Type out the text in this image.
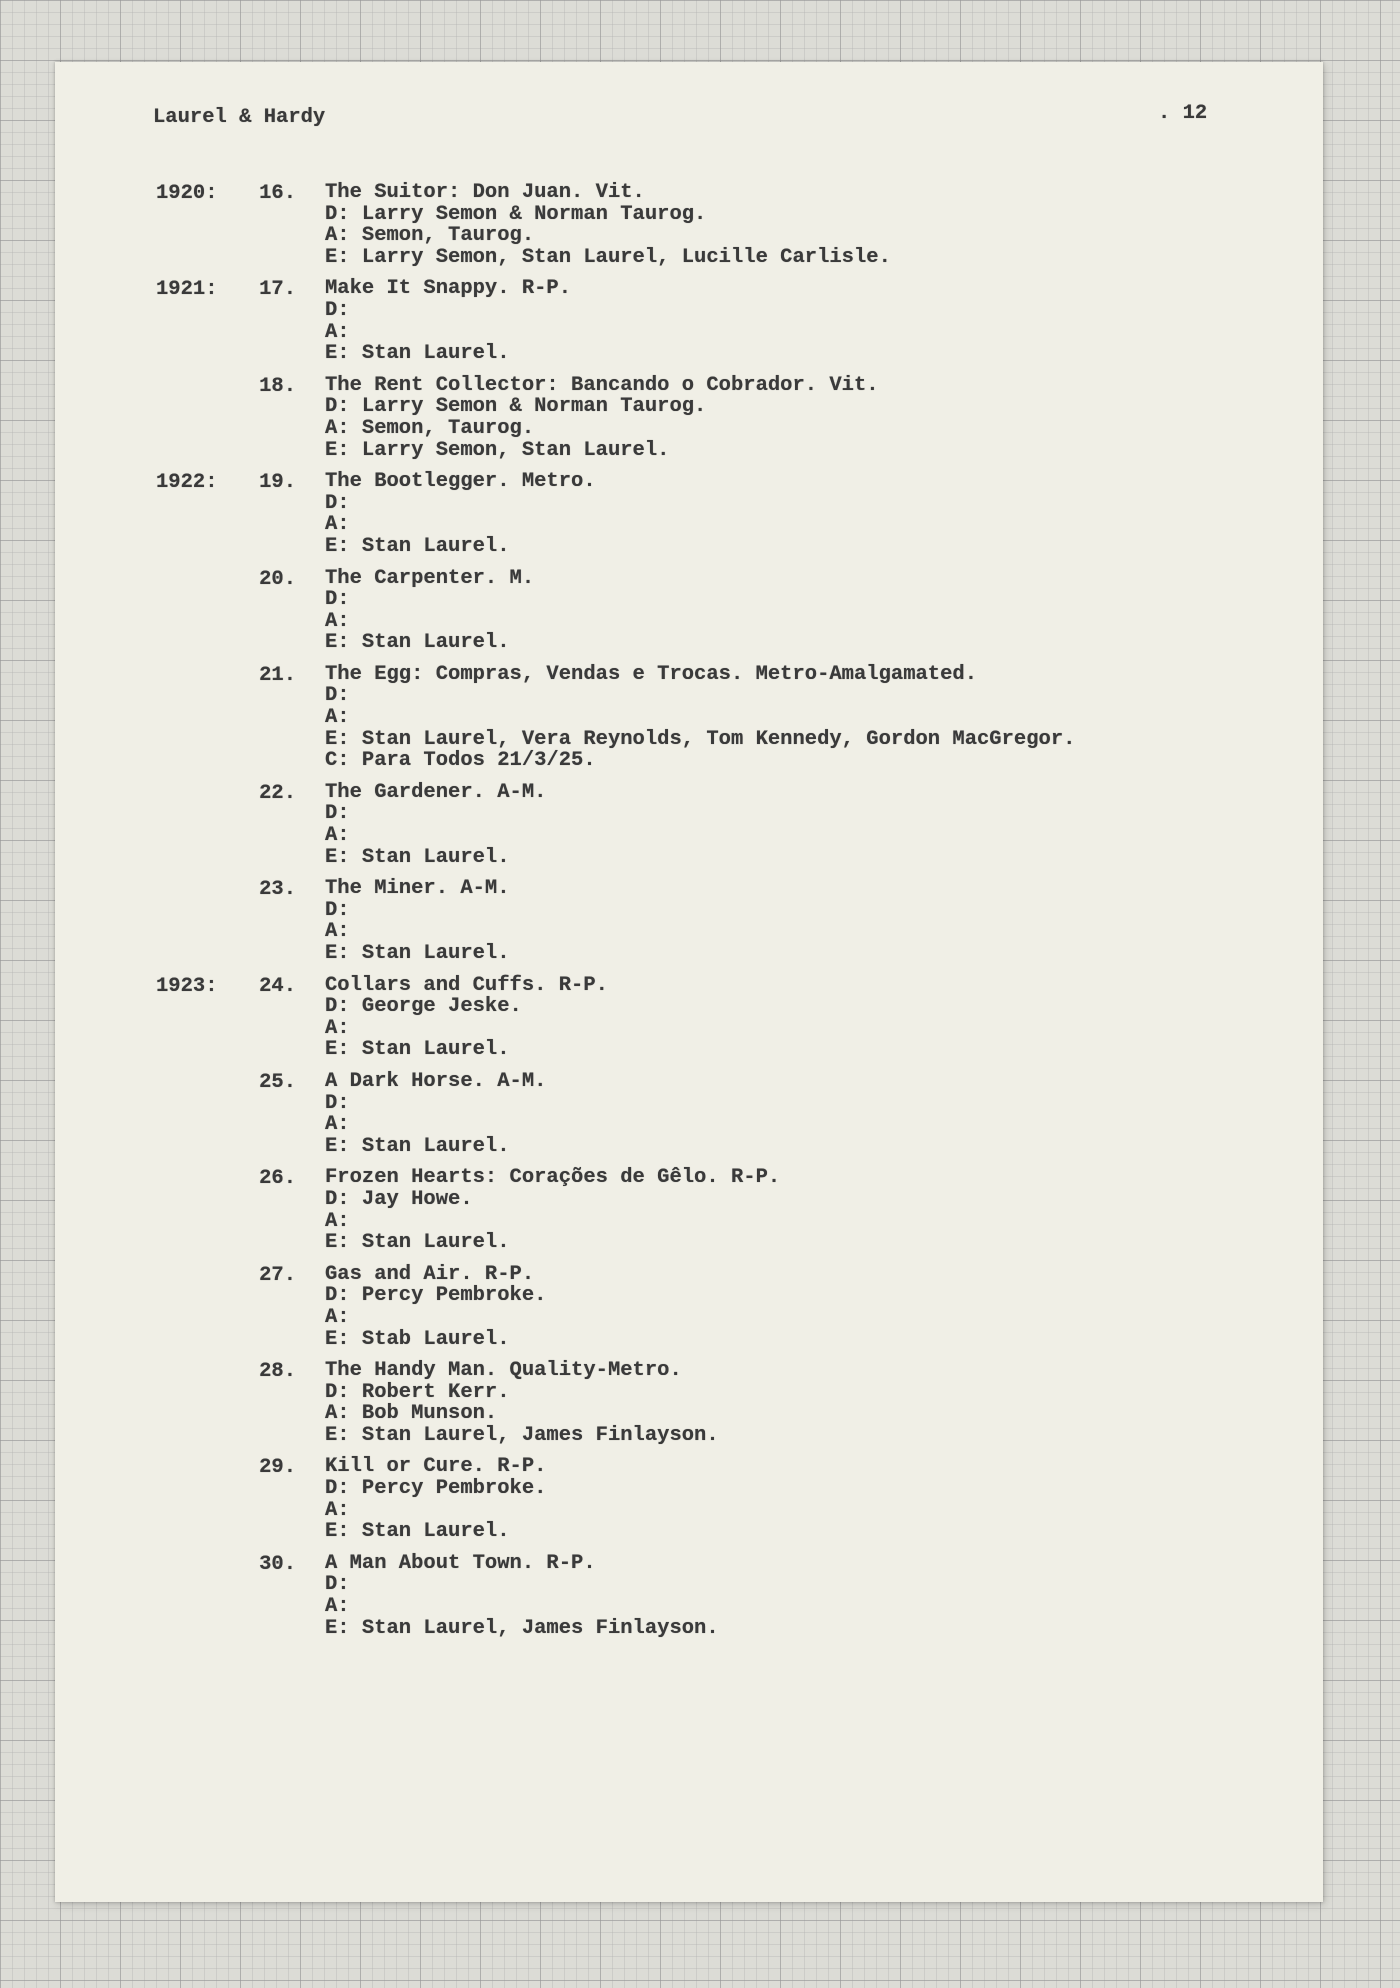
Laurel & Hardy	. 12
1920:	16. The Suitor: Don Juan. Vit.
D: Larry Semon & Norman Taurog.
A: Semon, Taurog.
E: Larry Semon, Stan Laurel, Lucille Carlisle.
1921:	17. Make It Snappy. R-P.
D:
A:
E: Stan Laurel.
18. The Rent Collector: Bancando o Cobrador. Vit.
D: Larry Semon & Norman Taurog.
A: Semon, Taurog.
E: Larry Semon, Stan Laurel.
1922:	19. The Bootlegger. Metro.
D:
A:
E: Stan Laurel.
20. The Carpenter. M.
D:
A:
E: Stan Laurel.
21. The Egg: Compras, Vendas e Trocas. Metro-Amalgamated.
D:
A:
E: Stan Laurel, Vera Reynolds, Tom Kennedy, Gordon MacGregor.
C: Para Todos 21/3/25.
22. The Gardener. A-M.
D:
A:
E: Stan Laurel.
23. The Miner. A-M.
D:
A:
E: Stan Laurel.
1923:	24. Collars and Cuffs. R-P.
D: George Jeske.
A:
E: Stan Laurel.
25. A Dark Horse. A-M.
D:
A:
E: Stan Laurel.
26. Frozen Hearts: Corações de Gêlo. R-P.
D: Jay Howe.
A:
E: Stan Laurel.
27. Gas and Air. R-P.
D: Percy Pembroke.
A:
E: Stab Laurel.
28. The Handy Man. Quality-Metro.
D: Robert Kerr.
A: Bob Munson.
E: Stan Laurel, James Finlayson.
29. Kill or Cure. R-P.
D: Percy Pembroke.
A:
E: Stan Laurel.
30. A Man About Town. R-P.
D:
A:
E: Stan Laurel, James Finlayson.
